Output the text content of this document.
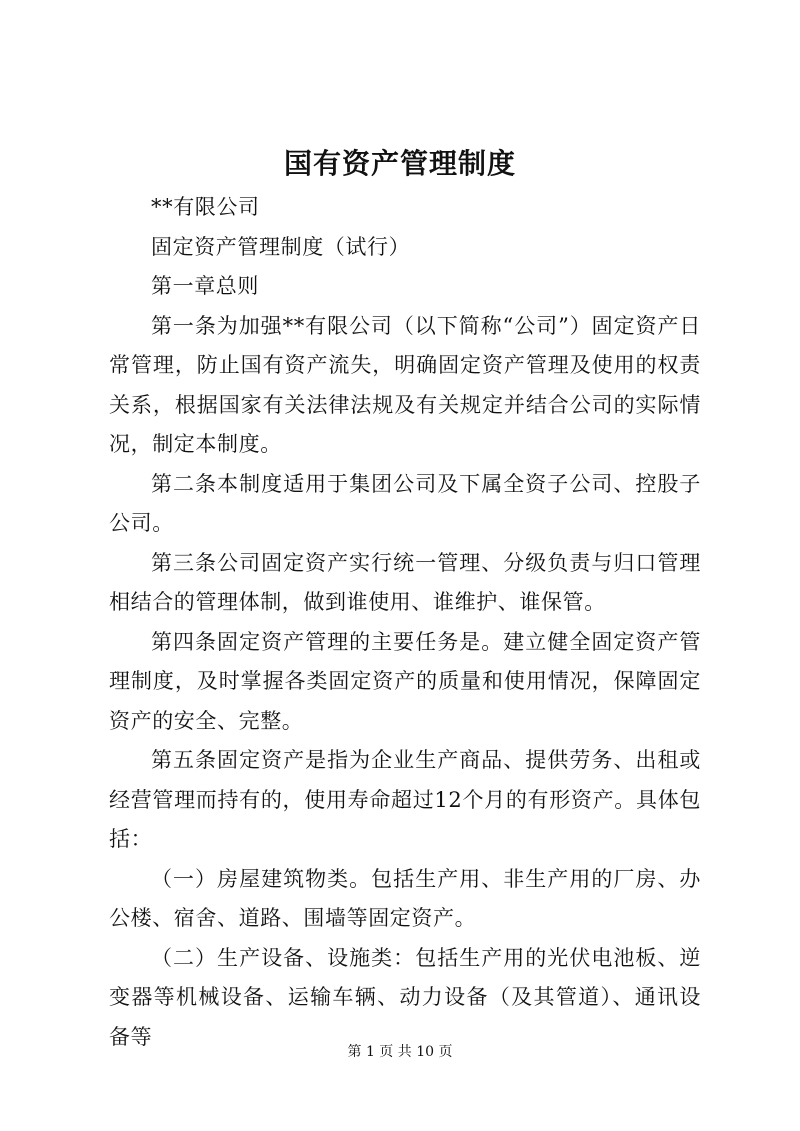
国有资产管理制度

**有限公司

固定资产管理制度（试行）

第一章总则

第一条为加强**有限公司（以下简称“公司”）固定资产日常管理，防止国有资产流失，明确固定资产管理及使用的权责关系，根据国家有关法律法规及有关规定并结合公司的实际情况，制定本制度。

第二条本制度适用于集团公司及下属全资子公司、控股子公司。

第三条公司固定资产实行统一管理、分级负责与归口管理相结合的管理体制，做到谁使用、谁维护、谁保管。

第四条固定资产管理的主要任务是。建立健全固定资产管理制度，及时掌握各类固定资产的质量和使用情况，保障固定资产的安全、完整。

第五条固定资产是指为企业生产商品、提供劳务、出租或经营管理而持有的，使用寿命超过12个月的有形资产。具体包括：

（一）房屋建筑物类。包括生产用、非生产用的厂房、办公楼、宿舍、道路、围墙等固定资产。

（二）生产设备、设施类：包括生产用的光伏电池板、逆变器等机械设备、运输车辆、动力设备（及其管道）、通讯设备等

第 1 页 共 10 页
